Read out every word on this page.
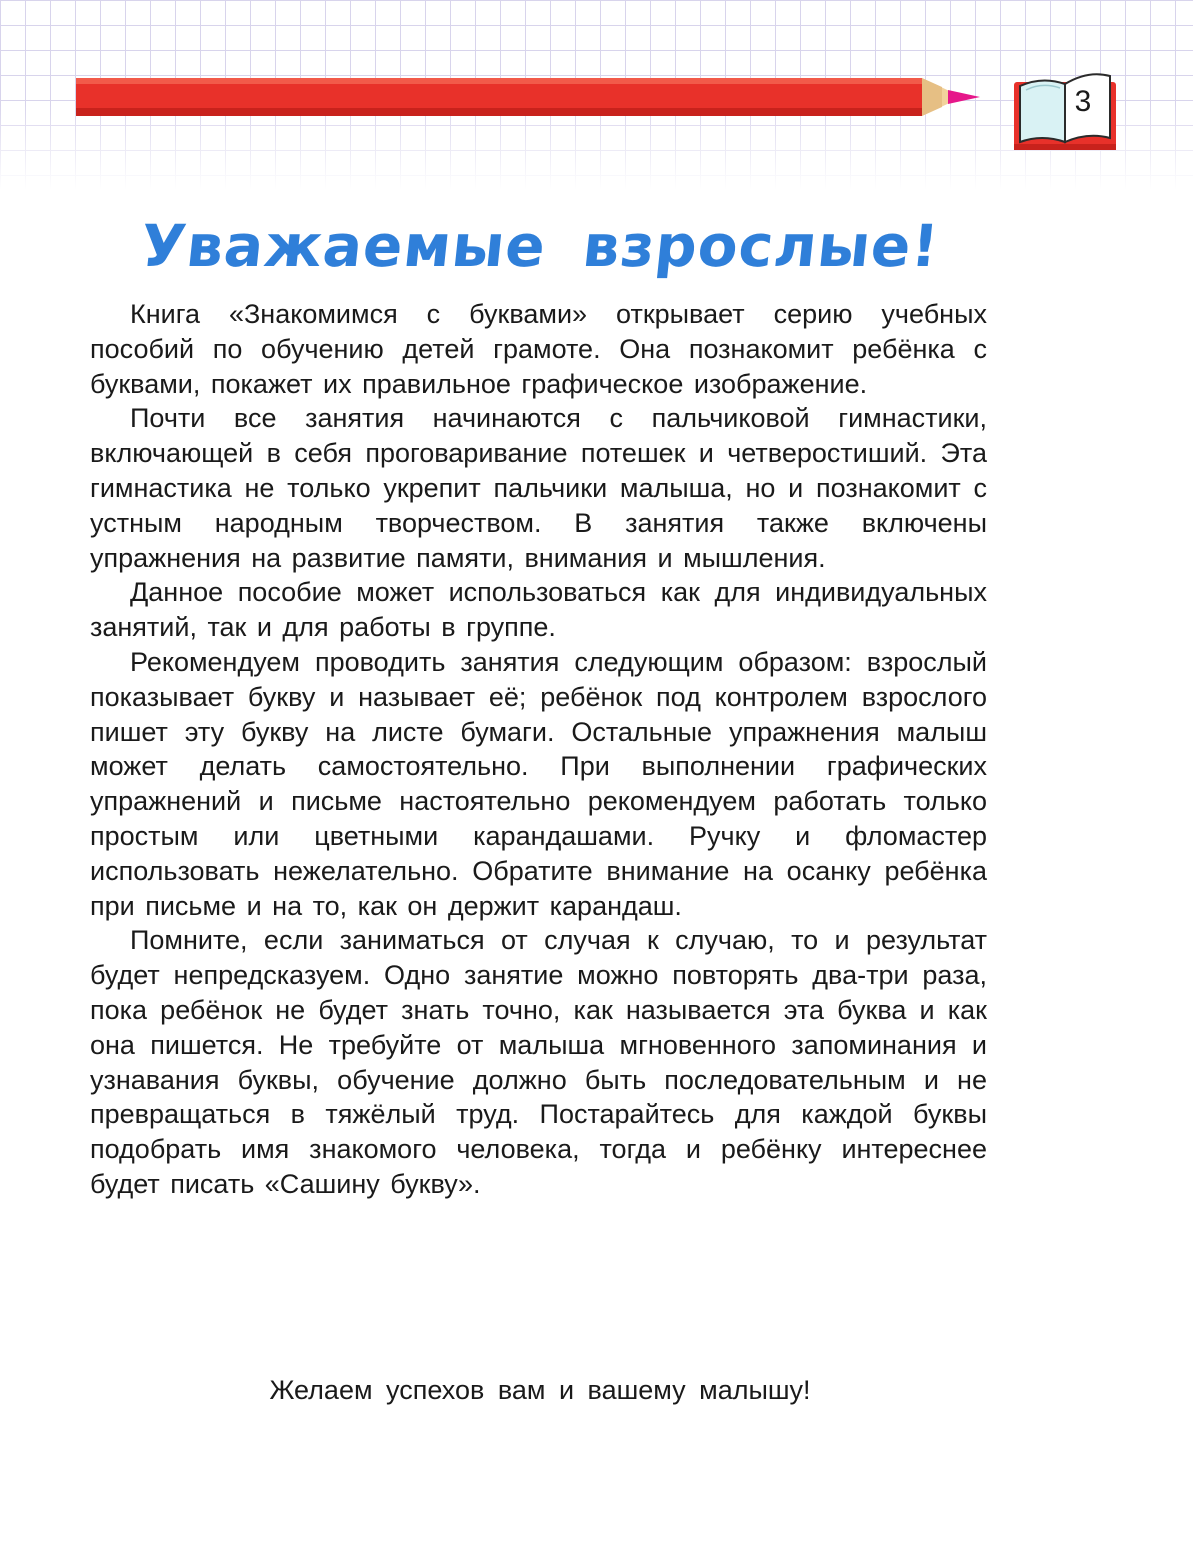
3
Уважаемые взрослые!

Книга «Знакомимся с буквами» открывает серию учебных пособий по обучению детей грамоте. Она познакомит ребёнка с буквами, покажет их правильное графическое изображение.

Почти все занятия начинаются с пальчиковой гимнастики, включающей в себя проговаривание потешек и четверостиший. Эта гимнастика не только укрепит пальчики малыша, но и познакомит с устным народным творчеством. В занятия также включены упражнения на развитие памяти, внимания и мышления.

Данное пособие может использоваться как для индивидуальных занятий, так и для работы в группе.

Рекомендуем проводить занятия следующим образом: взрослый показывает букву и называет её; ребёнок под контролем взрослого пишет эту букву на листе бумаги. Остальные упражнения малыш может делать самостоятельно. При выполнении графических упражнений и письме настоятельно рекомендуем работать только простым или цветными карандашами. Ручку и фломастер использовать нежелательно. Обратите внимание на осанку ребёнка при письме и на то, как он держит карандаш.

Помните, если заниматься от случая к случаю, то и результат будет непредсказуем. Одно занятие можно повторять два-три раза, пока ребёнок не будет знать точно, как называется эта буква и как она пишется. Не требуйте от малыша мгновенного запоминания и узнавания буквы, обучение должно быть последовательным и не превращаться в тяжёлый труд. Постарайтесь для каждой буквы подобрать имя знакомого человека, тогда и ребёнку интереснее будет писать «Сашину букву».

Желаем успехов вам и вашему малышу!
